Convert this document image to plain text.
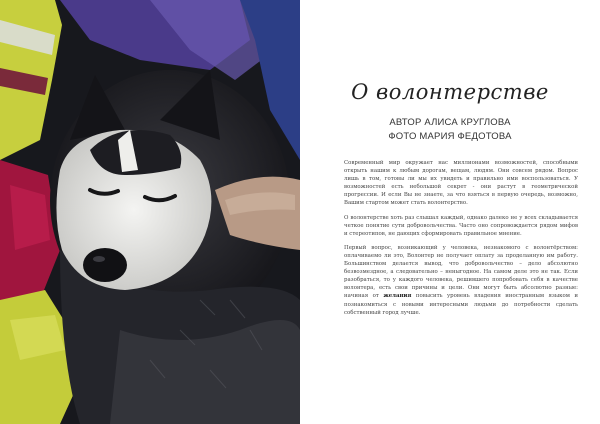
О волонтерстве
АВТОР АЛИСА КРУГЛОВА
ФОТО МАРИЯ ФЕДОТОВА

Современный мир окружает нас миллионами возможностей, способными открыть нашим к любым дорогам, вещам, людям. Они совсем рядом. Вопрос лишь в том, готовы ли мы их увидеть и правильно ими воспользоваться. У возможностей есть небольшой секрет - они растут в геометрической прогрессии. И если Вы не знаете, за что взяться в первую очередь, возможно, Вашим стартом может стать волонтерство.

О волонтерстве хоть раз слышал каждый, однако далеко не у всех складывается четкое понятие сути добровольчества. Часто оно сопровождается рядом мифов и стереотипов, не дающих сформировать правильное мнение.

Первый вопрос, возникающий у человека, незнакомого с волонтёрством: оплачиваемо ли это, Волонтер не получает оплату за проделанную им работу. Большинством делается вывод, что добровольчество – дело абсолютно безвозмездное, а следовательно – неныгодное. На самом деле это не так. Если разобраться, то у каждого человека, решившего попробовать себя в качестве волонтера, есть свои причины и цели. Они могут быть абсолютно разные: начиная от желания повысить уровень владения иностранным языком и познакомиться с новыми интересными людьми до потребности сделать собственный город лучше.
